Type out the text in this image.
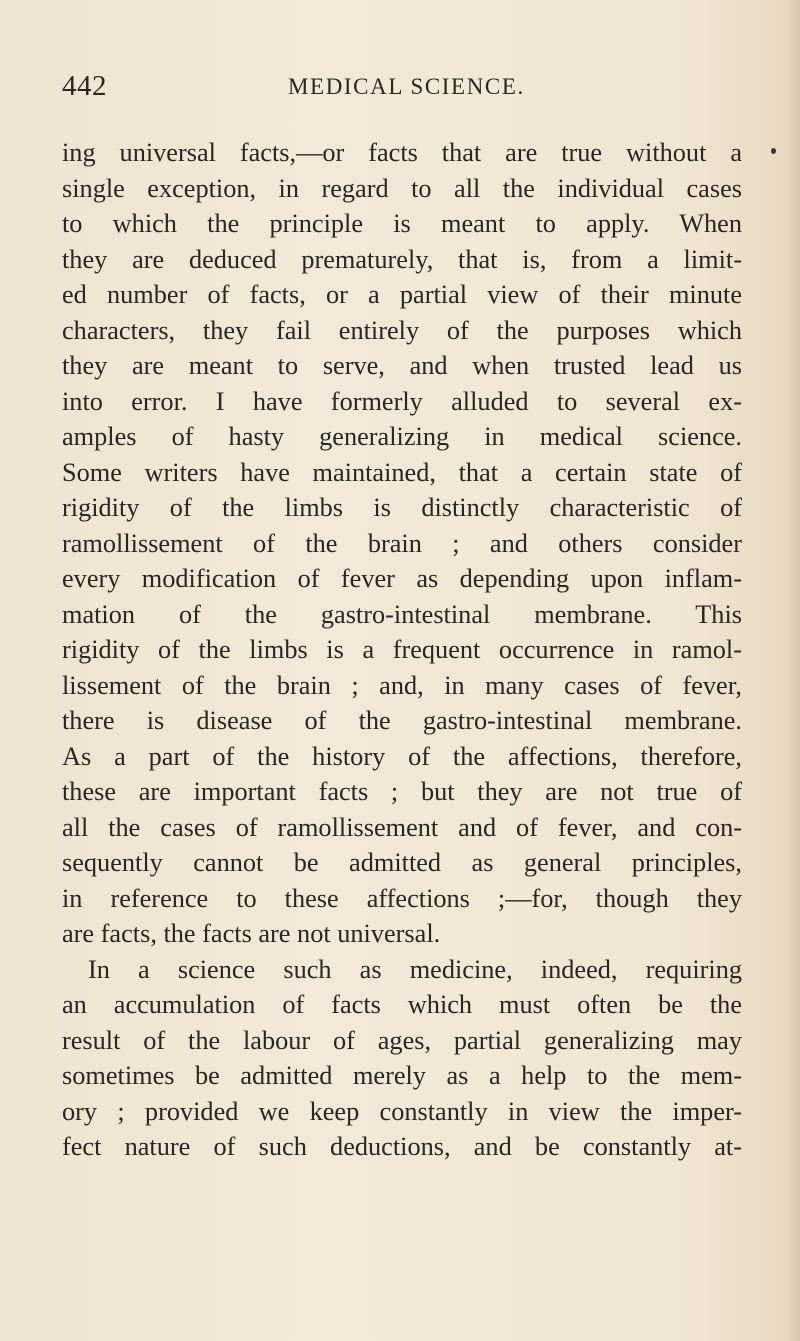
442	MEDICAL SCIENCE.
ing universal facts,—or facts that are true without a
single exception, in regard to all the individual cases
to which the principle is meant to apply. When
they are deduced prematurely, that is, from a limit-
ed number of facts, or a partial view of their minute
characters, they fail entirely of the purposes which
they are meant to serve, and when trusted lead us
into error. I have formerly alluded to several ex-
amples of hasty generalizing in medical science.
Some writers have maintained, that a certain state of
rigidity of the limbs is distinctly characteristic of
ramollissement of the brain ; and others consider
every modification of fever as depending upon inflam-
mation of the gastro-intestinal membrane. This
rigidity of the limbs is a frequent occurrence in ramol-
lissement of the brain ; and, in many cases of fever,
there is disease of the gastro-intestinal membrane.
As a part of the history of the affections, therefore,
these are important facts ; but they are not true of
all the cases of ramollissement and of fever, and con-
sequently cannot be admitted as general principles,
in reference to these affections ;—for, though they
are facts, the facts are not universal.
In a science such as medicine, indeed, requiring
an accumulation of facts which must often be the
result of the labour of ages, partial generalizing may
sometimes be admitted merely as a help to the mem-
ory ; provided we keep constantly in view the imper-
fect nature of such deductions, and be constantly at-
